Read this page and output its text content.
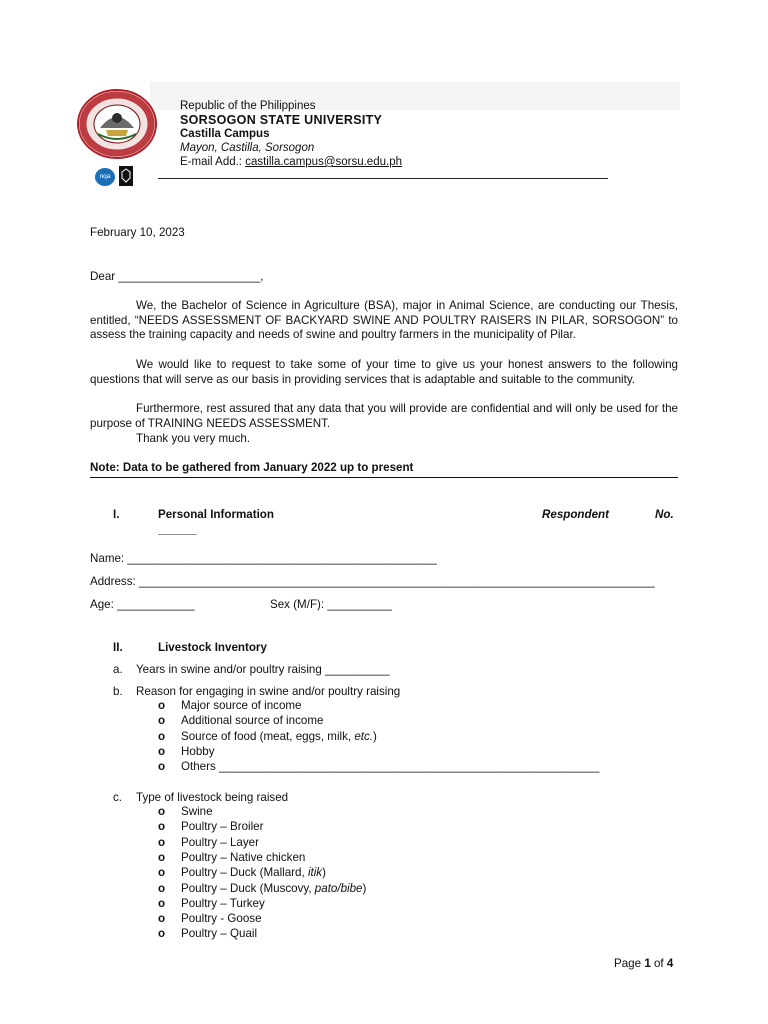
Republic of the Philippines
SORSOGON STATE UNIVERSITY
Castilla Campus
Mayon, Castilla, Sorsogon
E-mail Add.: castilla.campus@sorsu.edu.ph
nqa
February 10, 2023
Dear ______________________,
We, the Bachelor of Science in Agriculture (BSA), major in Animal Science, are conducting our Thesis, entitled, “NEEDS ASSESSMENT OF BACKYARD SWINE AND POULTRY RAISERS IN PILAR, SORSOGON” to assess the training capacity and needs of swine and poultry farmers in the municipality of Pilar.
We would like to request to take some of your time to give us your honest answers to the following questions that will serve as our basis in providing services that is adaptable and suitable to the community.
Furthermore, rest assured that any data that you will provide are confidential and will only be used for the purpose of TRAINING NEEDS ASSESSMENT.
Thank you very much.
Note: Data to be gathered from January 2022 up to present
I.	Personal Information	Respondent	No.
______
Name: ________________________________________________
Address: ________________________________________________________________________________
Age: ____________	Sex (M/F): __________
II.	Livestock Inventory
a. Years in swine and/or poultry raising __________
b. Reason for engaging in swine and/or poultry raising
o Major source of income
o Additional source of income
o Source of food (meat, eggs, milk, etc.)
o Hobby
o Others ___________________________________________________________
c. Type of livestock being raised
o Swine
o Poultry – Broiler
o Poultry – Layer
o Poultry – Native chicken
o Poultry – Duck (Mallard, itik)
o Poultry – Duck (Muscovy, pato/bibe)
o Poultry – Turkey
o Poultry - Goose
o Poultry – Quail
Page 1 of 4
